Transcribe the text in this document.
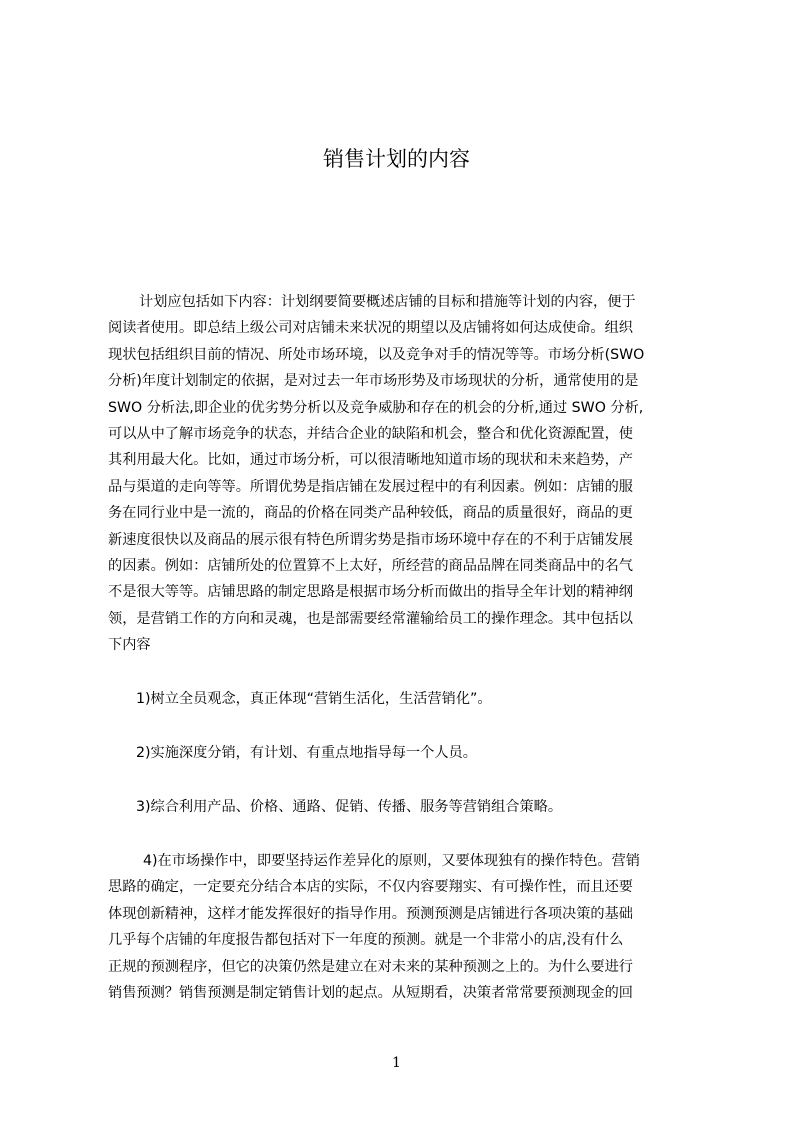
销售计划的内容
计划应包括如下内容：计划纲要简要概述店铺的目标和措施等计划的内容，便于
阅读者使用。即总结上级公司对店铺未来状况的期望以及店铺将如何达成使命。组织
现状包括组织目前的情况、所处市场环境，以及竞争对手的情况等等。市场分析(SWO
分析)年度计划制定的依据，是对过去一年市场形势及市场现状的分析，通常使用的是
SWO 分析法,即企业的优劣势分析以及竞争威胁和存在的机会的分析,通过 SWO 分析,
可以从中了解市场竞争的状态，并结合企业的缺陷和机会，整合和优化资源配置，使
其利用最大化。比如，通过市场分析，可以很清晰地知道市场的现状和未来趋势，产
品与渠道的走向等等。所谓优势是指店铺在发展过程中的有利因素。例如：店铺的服
务在同行业中是一流的，商品的价格在同类产品种较低，商品的质量很好，商品的更
新速度很快以及商品的展示很有特色所谓劣势是指市场环境中存在的不利于店铺发展
的因素。例如：店铺所处的位置算不上太好，所经营的商品品牌在同类商品中的名气
不是很大等等。店铺思路的制定思路是根据市场分析而做出的指导全年计划的精神纲
领，是营销工作的方向和灵魂，也是部需要经常灌输给员工的操作理念。其中包括以
下内容
1)树立全员观念，真正体现“营销生活化，生活营销化”。
2)实施深度分销，有计划、有重点地指导每一个人员。
3)综合利用产品、价格、通路、促销、传播、服务等营销组合策略。
4)在市场操作中，即要坚持运作差异化的原则，又要体现独有的操作特色。营销
思路的确定，一定要充分结合本店的实际，不仅内容要翔实、有可操作性，而且还要
体现创新精神，这样才能发挥很好的指导作用。预测预测是店铺进行各项决策的基础
几乎每个店铺的年度报告都包括对下一年度的预测。就是一个非常小的店,没有什么
正规的预测程序，但它的决策仍然是建立在对未来的某种预测之上的。为什么要进行
销售预测？销售预测是制定销售计划的起点。从短期看，决策者常常要预测现金的回
1
